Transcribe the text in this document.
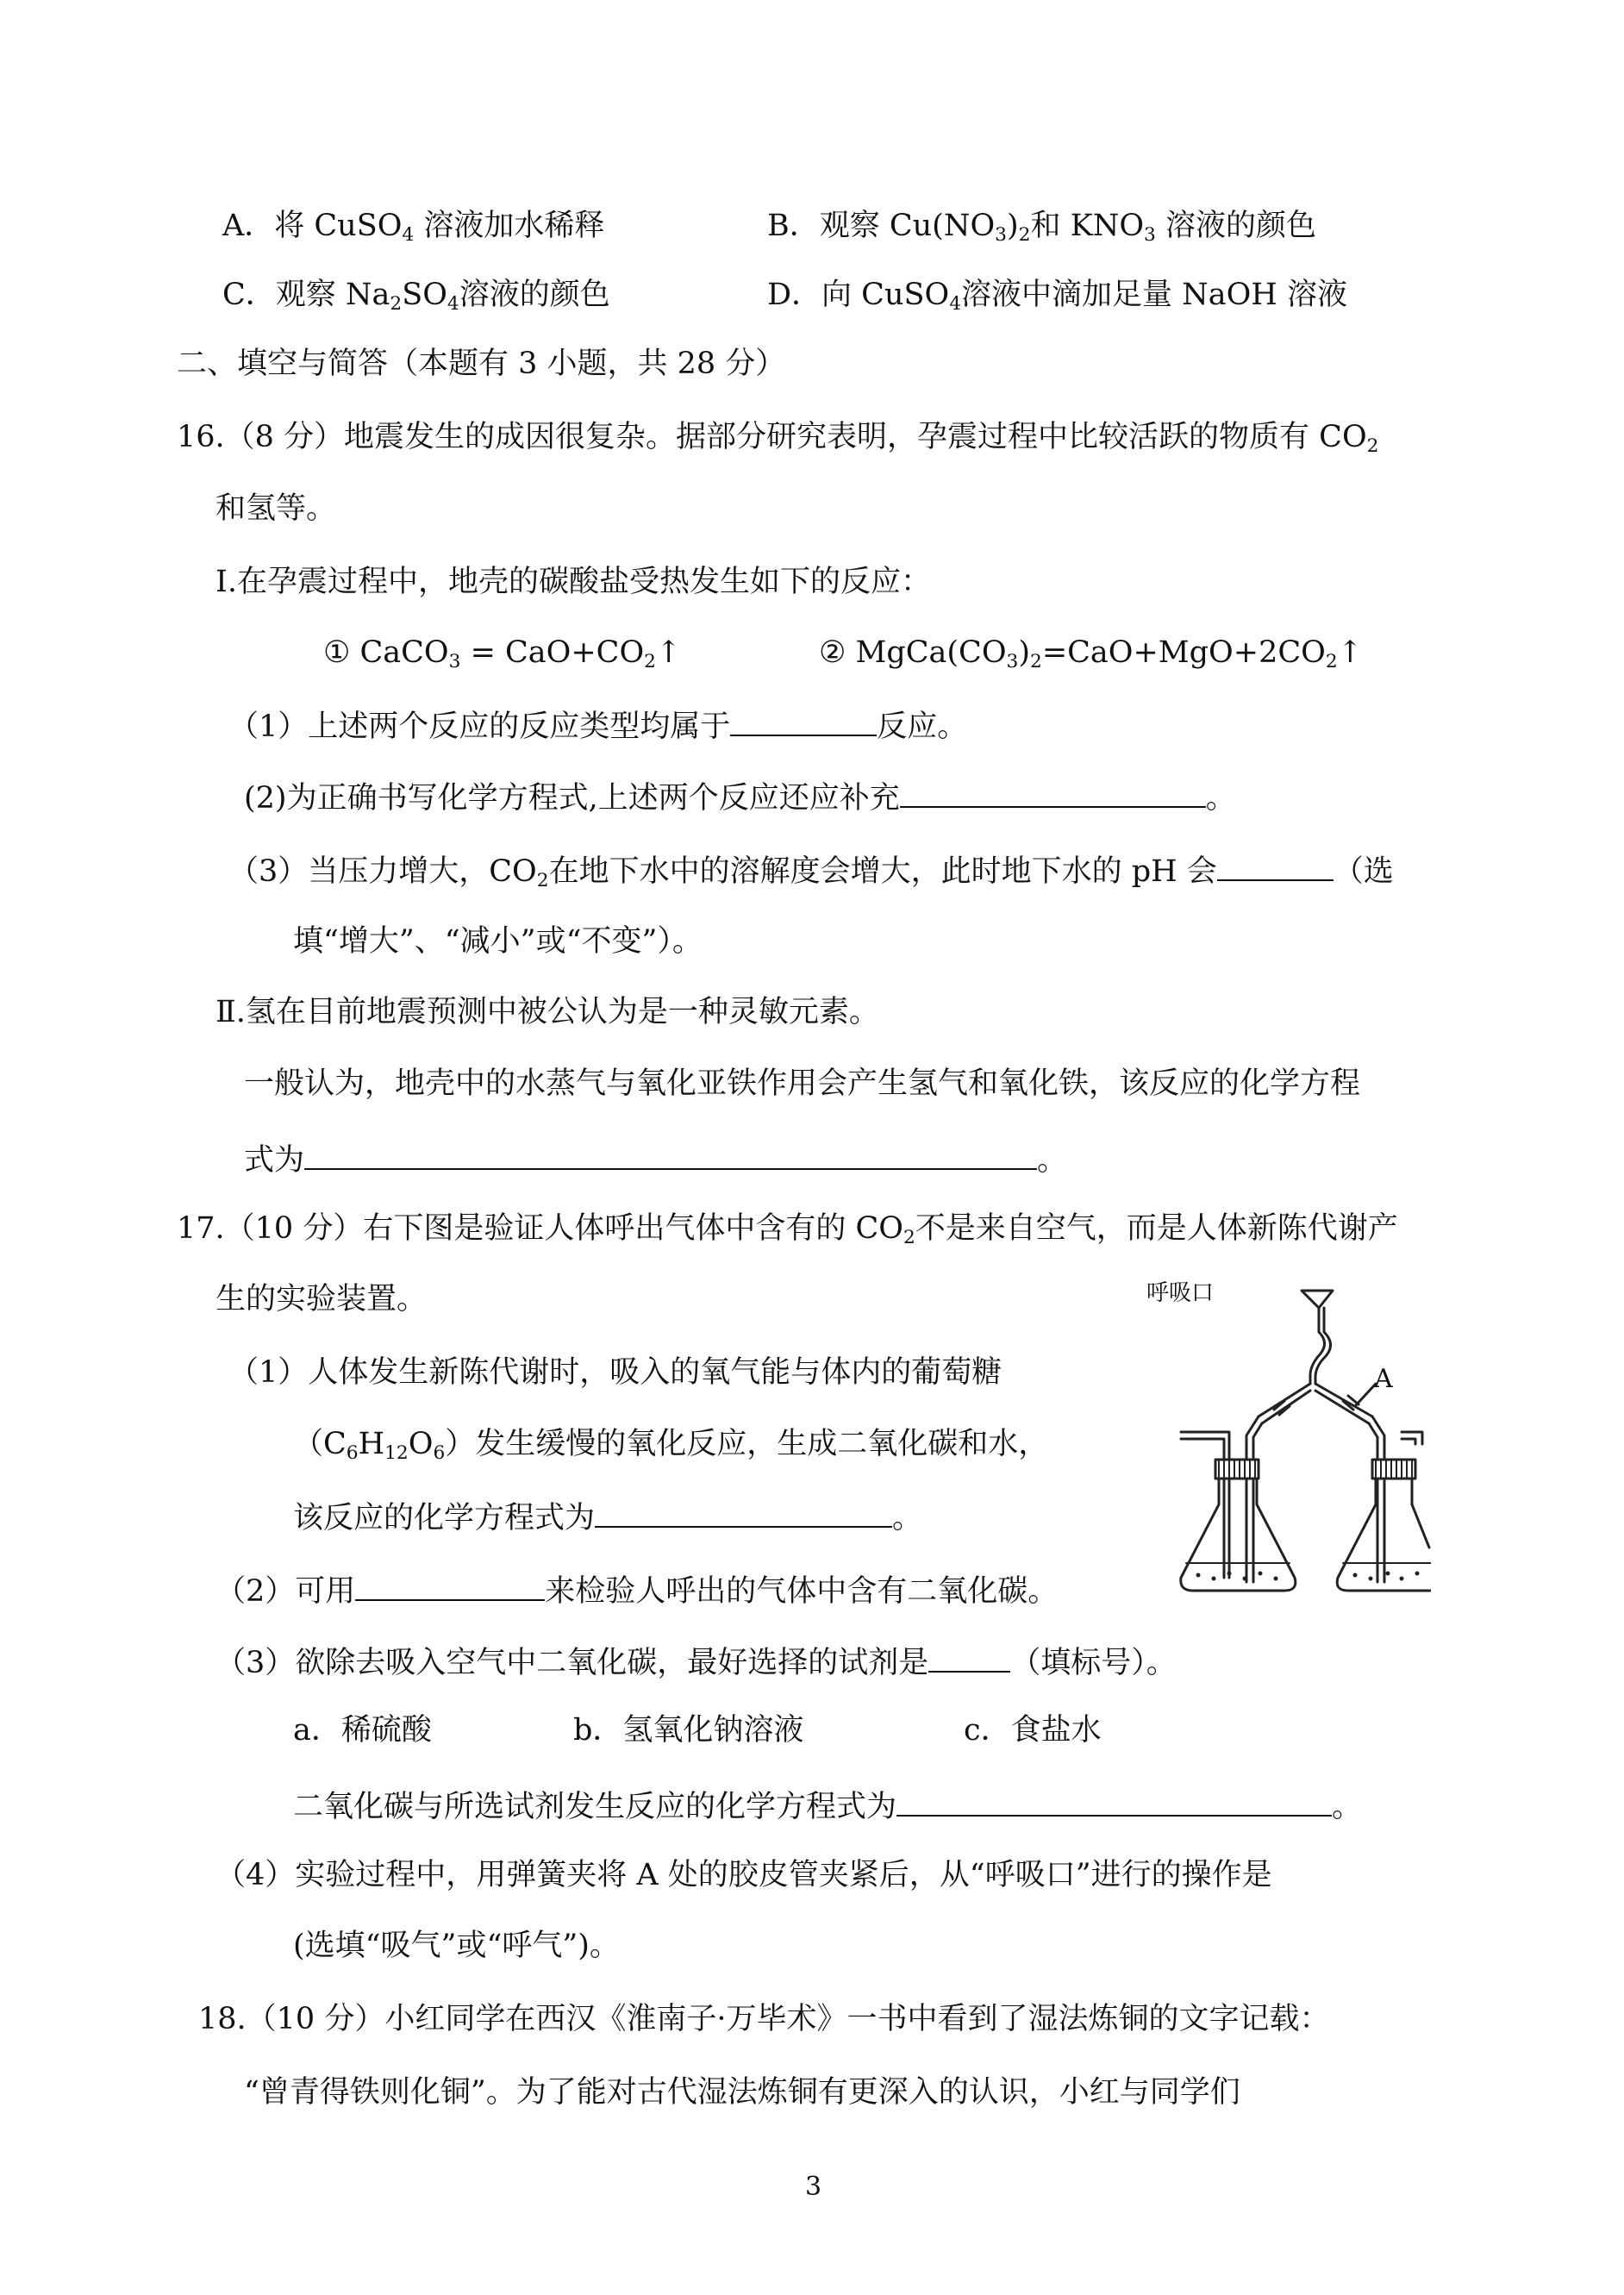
A．将 CuSO$_4$ 溶液加水稀释	B．观察 $Cu(NO_3)_2$和 $KNO_3$ 溶液的颜色
C．观察 $Na_2SO_4$溶液的颜色	D．向 CuSO$_4$溶液中滴加足量 NaOH 溶液
二、填空与简答（本题有 3 小题，共 28 分）
16.（8 分）地震发生的成因很复杂。据部分研究表明，孕震过程中比较活跃的物质有 $CO_2$
和氢等。
Ⅰ.在孕震过程中，地壳的碳酸盐受热发生如下的反应：
① CaCO$_3$ = $CaO+CO_2↑$	② $MgCa(CO_3)_2=CaO+MgO+2CO_2↑$
（1）上述两个反应的反应类型均属于	反应。
(2)为正确书写化学方程式,上述两个反应还应补充	。
（3）当压力增大，$CO_2$在地下水中的溶解度会增大，此时地下水的 pH 会	（选
填“增大”、“减小”或“不变”）。
Ⅱ.氢在目前地震预测中被公认为是一种灵敏元素。
一般认为，地壳中的水蒸气与氧化亚铁作用会产生氢气和氧化铁，该反应的化学方程
式为	。
17.（10 分）右下图是验证人体呼出气体中含有的 $CO_2$不是来自空气，而是人体新陈代谢产
生的实验装置。
（1）人体发生新陈代谢时，吸入的氧气能与体内的葡萄糖
$(C_6H_{12}O_6)$发生缓慢的氧化反应，生成二氧化碳和水，
该反应的化学方程式为	。
（2）可用	来检验人呼出的气体中含有二氧化碳。
（3）欲除去吸入空气中二氧化碳，最好选择的试剂是	（填标号）。
a．稀硫酸	b．氢氧化钠溶液	c．食盐水
二氧化碳与所选试剂发生反应的化学方程式为	。
（4）实验过程中，用弹簧夹将 A 处的胶皮管夹紧后，从“呼吸口”进行的操作是
(选填“吸气”或“呼气”)。
呼吸口
A
18.（10 分）小红同学在西汉《淮南子·万毕术》一书中看到了湿法炼铜的文字记载：
“曾青得铁则化铜”。为了能对古代湿法炼铜有更深入的认识，小红与同学们
3
